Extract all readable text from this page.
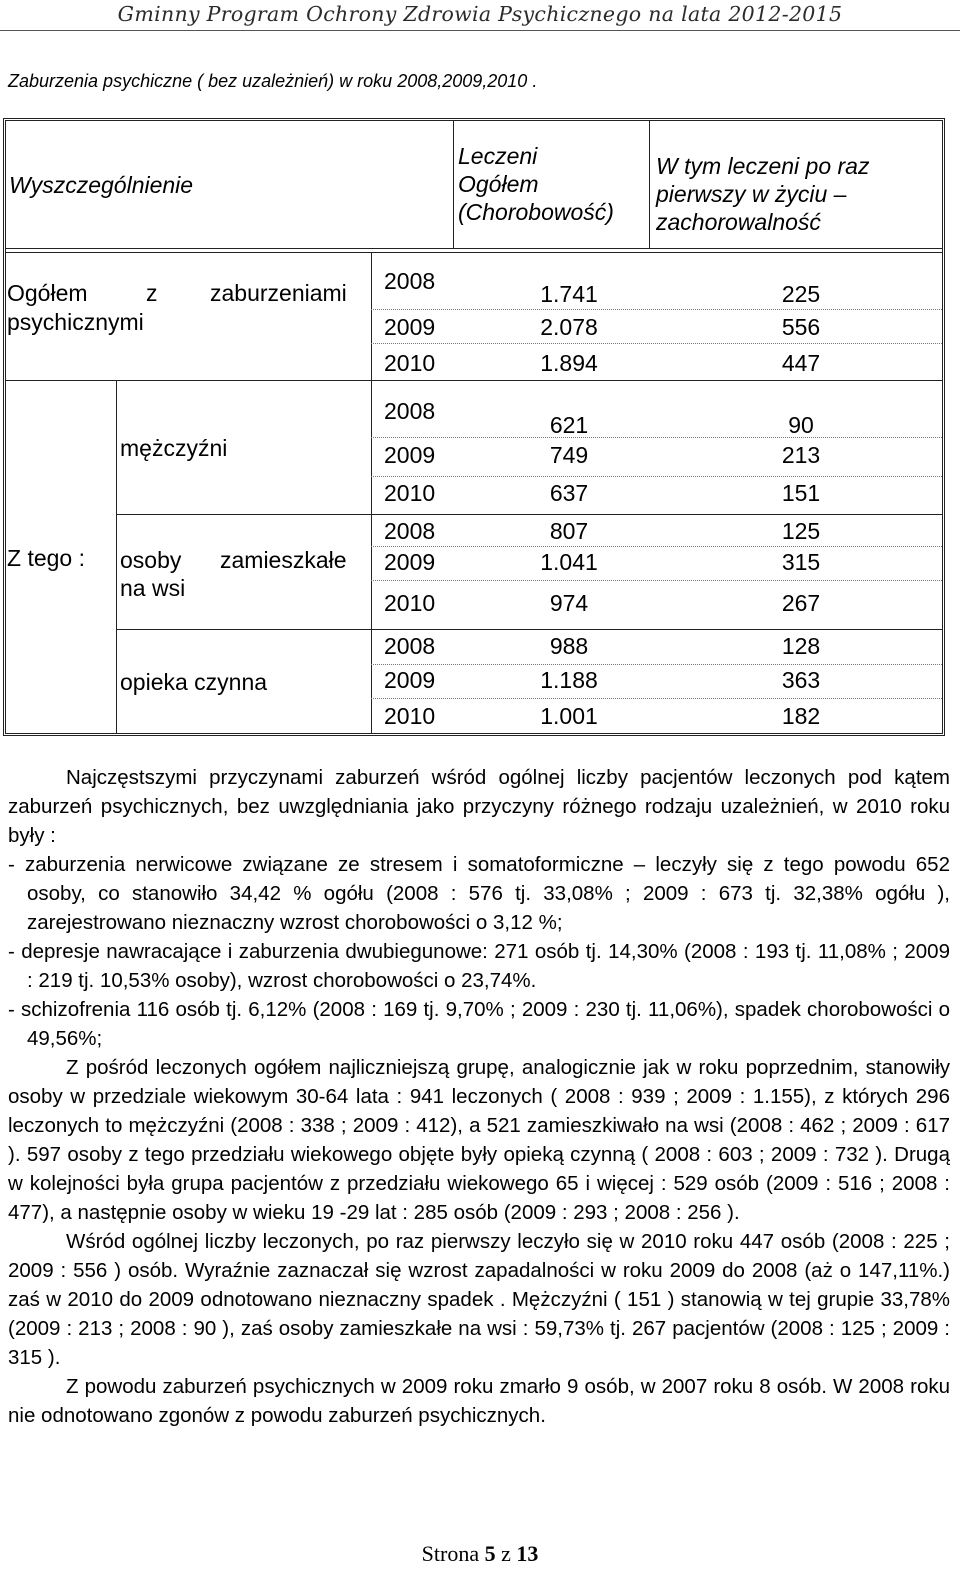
Gminny Program Ochrony Zdrowia Psychicznego na lata 2012-2015
Zaburzenia psychiczne ( bez uzależnień) w roku 2008,2009,2010 .
Wyszczególnienie
Leczeni
Ogółem
(Chorobowość)
W tym leczeni po raz
pierwszy w życiu –
zachorowalność
Ogółem	z zaburzeniami
psychicznymi
Z tego :
mężczyźni
osoby zamieszkałe
na wsi
opieka czynna
2008
2009
2010
2008
2009
2010
2008
2009
2010
2008
2009
2010
1.741
2.078
1.894
621
749
637
807
1.041
974
988
1.188
1.001
225
556
447
90
213
151
125
315
267
128
363
182

Najczęstszymi przyczynami zaburzeń wśród ogólnej liczby pacjentów leczonych pod kątem zaburzeń psychicznych, bez uwzględniania jako przyczyny różnego rodzaju uzależnień, w 2010 roku były :

- zaburzenia nerwicowe związane ze stresem i somatoformiczne – leczyły się z tego powodu 652 osoby, co stanowiło 34,42 % ogółu (2008 : 576 tj. 33,08% ; 2009 : 673 tj. 32,38% ogółu ), zarejestrowano nieznaczny wzrost chorobowości o 3,12 %;

- depresje nawracające i zaburzenia dwubiegunowe: 271 osób tj. 14,30% (2008 : 193 tj. 11,08% ; 2009 : 219 tj. 10,53% osoby), wzrost chorobowości o 23,74%.

- schizofrenia 116 osób tj. 6,12% (2008 : 169 tj. 9,70% ; 2009 : 230 tj. 11,06%), spadek chorobowości o 49,56%;

Z pośród leczonych ogółem najliczniejszą grupę, analogicznie jak w roku poprzednim, stanowiły osoby w przedziale wiekowym 30-64 lata : 941 leczonych ( 2008 : 939 ; 2009 : 1.155), z których 296 leczonych to mężczyźni (2008 : 338 ; 2009 : 412), a 521 zamieszkiwało na wsi (2008 : 462 ; 2009 : 617 ). 597 osoby z tego przedziału wiekowego objęte były opieką czynną ( 2008 : 603 ; 2009 : 732 ). Drugą w kolejności była grupa pacjentów z przedziału wiekowego 65 i więcej : 529 osób (2009 : 516 ; 2008 : 477), a następnie osoby w wieku 19 -29 lat : 285 osób (2009 : 293 ; 2008 : 256 ).

Wśród ogólnej liczby leczonych, po raz pierwszy leczyło się w 2010 roku 447 osób (2008 : 225 ; 2009 : 556 ) osób. Wyraźnie zaznaczał się wzrost zapadalności w roku 2009 do 2008 (aż o 147,11%.) zaś w 2010 do 2009 odnotowano nieznaczny spadek . Mężczyźni ( 151 ) stanowią w tej grupie 33,78% (2009 : 213 ; 2008 : 90 ), zaś osoby zamieszkałe na wsi : 59,73% tj. 267 pacjentów (2008 : 125 ; 2009 : 315 ).

Z powodu zaburzeń psychicznych w 2009 roku zmarło 9 osób, w 2007 roku 8 osób. W 2008 roku nie odnotowano zgonów z powodu zaburzeń psychicznych.

Strona 5 z 13
